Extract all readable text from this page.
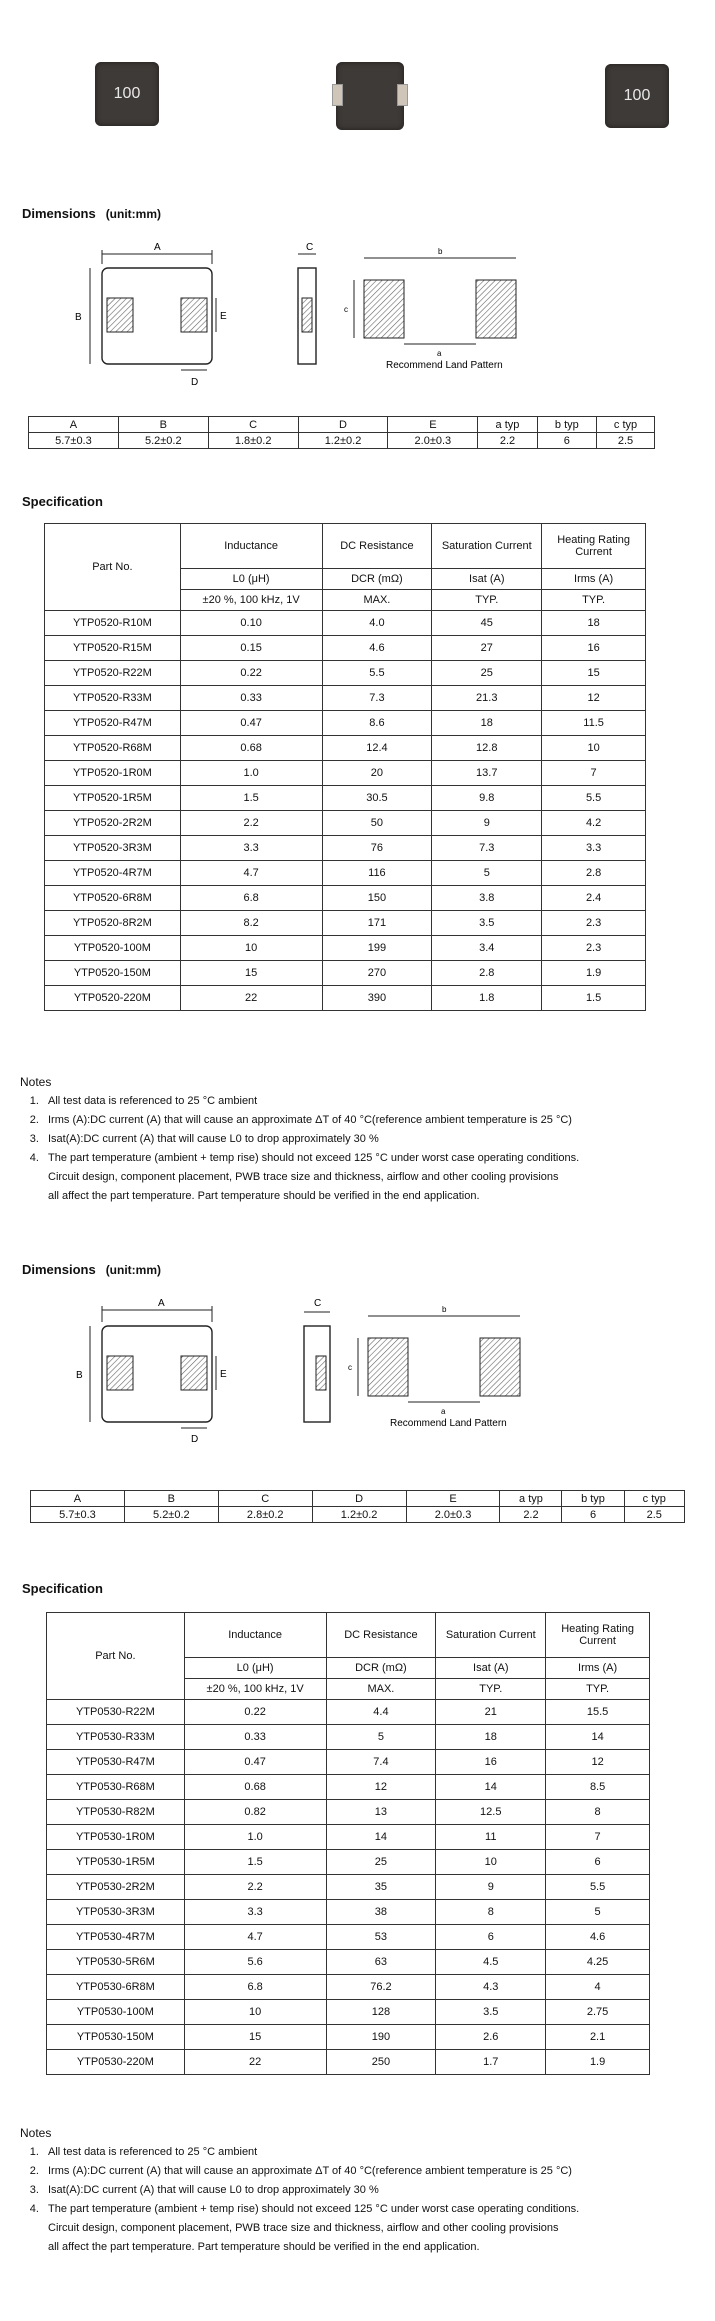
100	100
Dimensions (unit:mm)
A
B	E
D
C	b
c
a
Recommend Land Pattern
A	B	C	D	E	a typ	b typ	c typ
5.7±0.3	5.2±0.2	1.8±0.2	1.2±0.2	2.0±0.3	2.2	6	2.5
Specification
Part No.	Inductance	DC Resistance	Saturation Current	Heating Rating Current
	L0 (μH)	DCR (mΩ)	Isat (A)	Irms (A)
	±20 %, 100 kHz, 1V	MAX.	TYP.	TYP.
YTP0520-R10M	0.10	4.0	45	18
YTP0520-R15M	0.15	4.6	27	16
YTP0520-R22M	0.22	5.5	25	15
YTP0520-R33M	0.33	7.3	21.3	12
YTP0520-R47M	0.47	8.6	18	11.5
YTP0520-R68M	0.68	12.4	12.8	10
YTP0520-1R0M	1.0	20	13.7	7
YTP0520-1R5M	1.5	30.5	9.8	5.5
YTP0520-2R2M	2.2	50	9	4.2
YTP0520-3R3M	3.3	76	7.3	3.3
YTP0520-4R7M	4.7	116	5	2.8
YTP0520-6R8M	6.8	150	3.8	2.4
YTP0520-8R2M	8.2	171	3.5	2.3
YTP0520-100M	10	199	3.4	2.3
YTP0520-150M	15	270	2.8	1.9
YTP0520-220M	22	390	1.8	1.5
Notes
1. All test data is referenced to 25 °C ambient
2. Irms (A):DC current (A) that will cause an approximate ΔT of 40 °C(reference ambient temperature is 25 °C)
3. Isat(A):DC current (A) that will cause L0 to drop approximately 30 %
4. The part temperature (ambient + temp rise) should not exceed 125 °C under worst case operating conditions.
Circuit design, component placement, PWB trace size and thickness, airflow and other cooling provisions
all affect the part temperature. Part temperature should be verified in the end application.
Dimensions (unit:mm)
A
B	E
D
C
b
c
a
Recommend Land Pattern
A	B	C	D	E	a typ	b typ	c typ
5.7±0.3	5.2±0.2	2.8±0.2	1.2±0.2	2.0±0.3	2.2	6	2.5
Specification
Part No.	Inductance	DC Resistance	Saturation Current	Heating Rating Current
	L0 (μH)	DCR (mΩ)	Isat (A)	Irms (A)
	±20 %, 100 kHz, 1V	MAX.	TYP.	TYP.
YTP0530-R22M	0.22	4.4	21	15.5
YTP0530-R33M	0.33	5	18	14
YTP0530-R47M	0.47	7.4	16	12
YTP0530-R68M	0.68	12	14	8.5
YTP0530-R82M	0.82	13	12.5	8
YTP0530-1R0M	1.0	14	11	7
YTP0530-1R5M	1.5	25	10	6
YTP0530-2R2M	2.2	35	9	5.5
YTP0530-3R3M	3.3	38	8	5
YTP0530-4R7M	4.7	53	6	4.6
YTP0530-5R6M	5.6	63	4.5	4.25
YTP0530-6R8M	6.8	76.2	4.3	4
YTP0530-100M	10	128	3.5	2.75
YTP0530-150M	15	190	2.6	2.1
YTP0530-220M	22	250	1.7	1.9
Notes
1. All test data is referenced to 25 °C ambient
2. Irms (A):DC current (A) that will cause an approximate ΔT of 40 °C(reference ambient temperature is 25 °C)
3. Isat(A):DC current (A) that will cause L0 to drop approximately 30 %
4. The part temperature (ambient + temp rise) should not exceed 125 °C under worst case operating conditions.
Circuit design, component placement, PWB trace size and thickness, airflow and other cooling provisions
all affect the part temperature. Part temperature should be verified in the end application.
